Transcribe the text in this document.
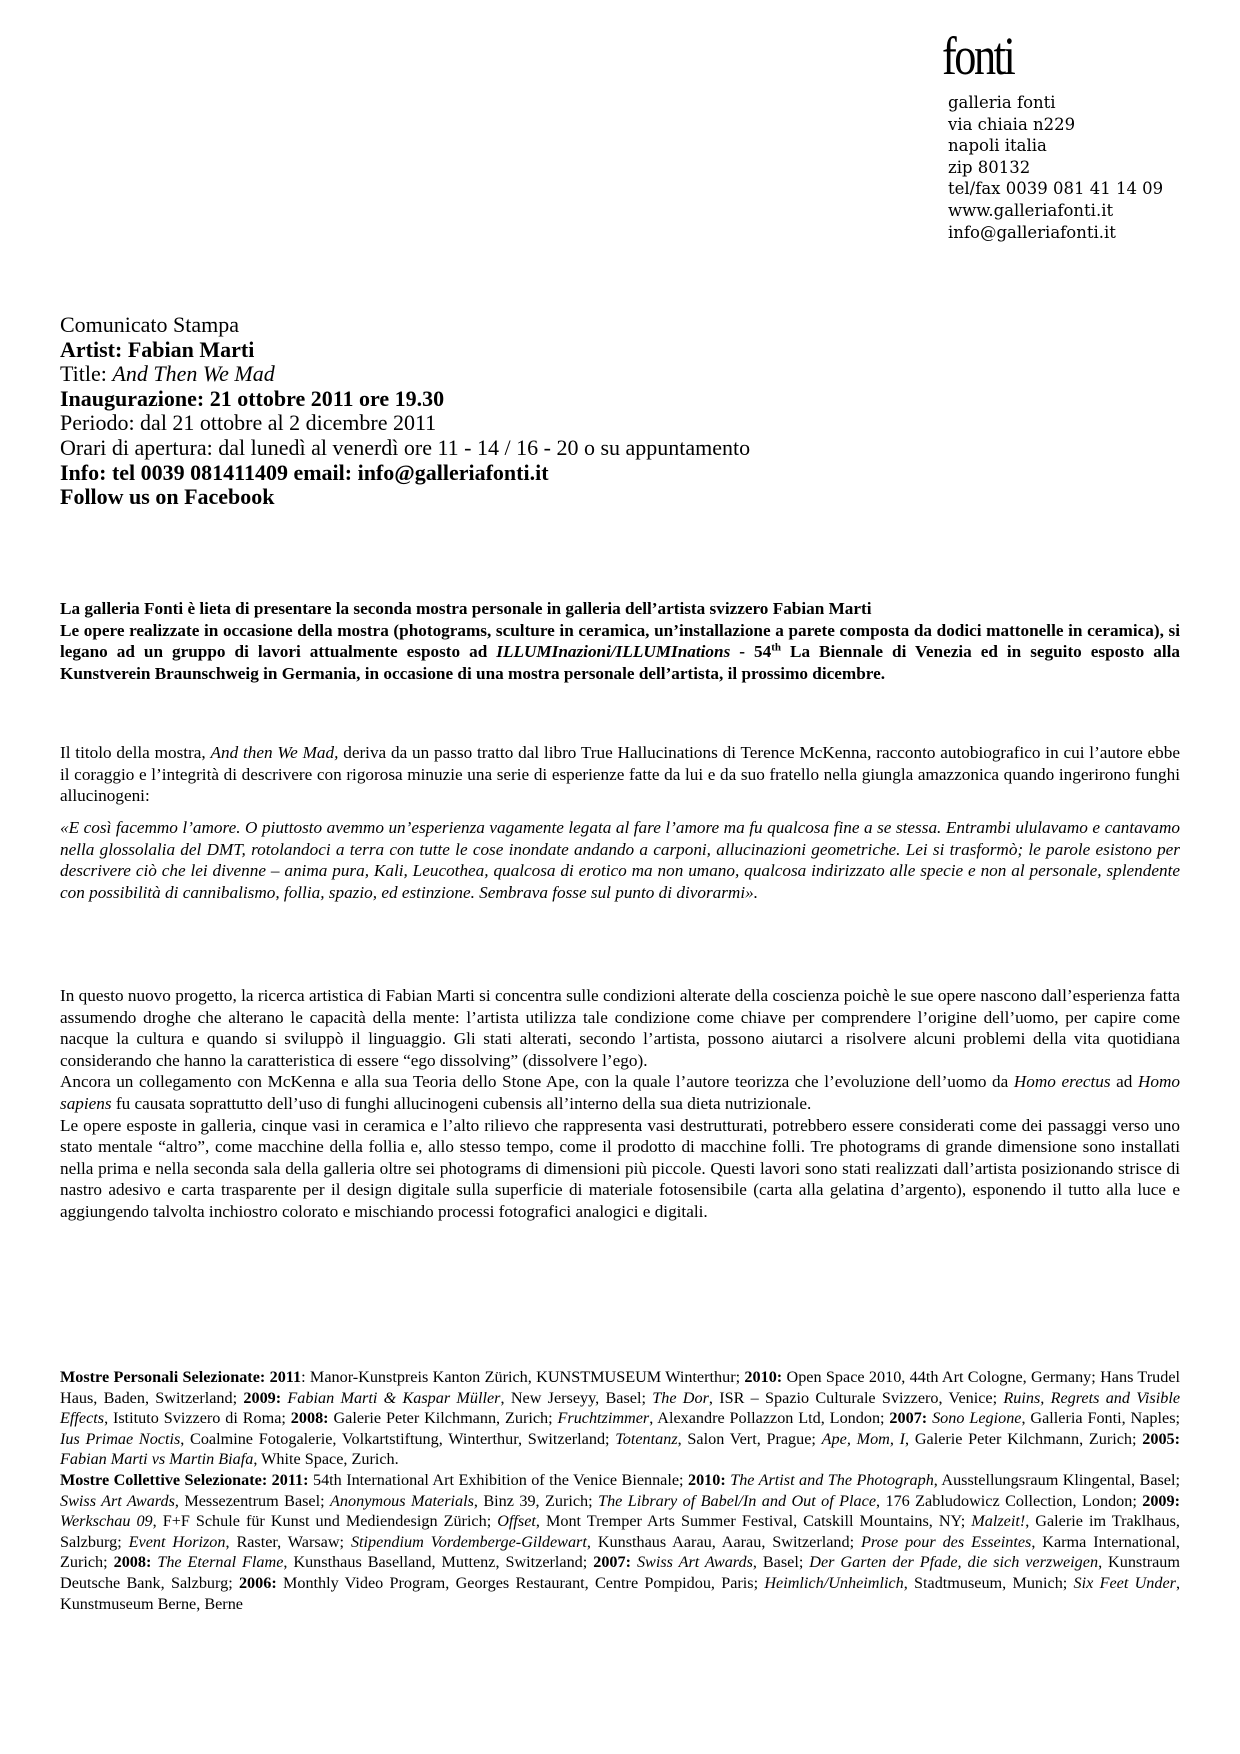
fonti
galleria fonti
via chiaia n229
napoli italia
zip 80132
tel/fax 0039 081 41 14 09
www.galleriafonti.it
info@galleriafonti.it
Comunicato Stampa
Artist: Fabian Marti
Title: And Then We Mad
Inaugurazione: 21 ottobre 2011 ore 19.30
Periodo: dal 21 ottobre al 2 dicembre 2011
Orari di apertura: dal lunedì al venerdì ore 11 - 14 / 16 - 20 o su appuntamento
Info: tel 0039 081411409 email: info@galleriafonti.it
Follow us on Facebook
La galleria Fonti è lieta di presentare la seconda mostra personale in galleria dell’artista svizzero Fabian Marti
Le opere realizzate in occasione della mostra (photograms, sculture in ceramica, un’installazione a parete composta da dodici mattonelle in ceramica), si legano ad un gruppo di lavori attualmente esposto ad ILLUMInazioni/ILLUMInations - 54th La Biennale di Venezia ed in seguito esposto alla Kunstverein Braunschweig in Germania, in occasione di una mostra personale dell’artista, il prossimo dicembre.
Il titolo della mostra, And then We Mad, deriva da un passo tratto dal libro True Hallucinations di Terence McKenna, racconto autobiografico in cui l’autore ebbe il coraggio e l’integrità di descrivere con rigorosa minuzie una serie di esperienze fatte da lui e da suo fratello nella giungla amazzonica quando ingerirono funghi allucinogeni:
«E così facemmo l’amore. O piuttosto avemmo un’esperienza vagamente legata al fare l’amore ma fu qualcosa fine a se stessa. Entrambi ululavamo e cantavamo nella glossolalia del DMT, rotolandoci a terra con tutte le cose inondate andando a carponi, allucinazioni geometriche. Lei si trasformò; le parole esistono per descrivere ciò che lei divenne – anima pura, Kali, Leucothea, qualcosa di erotico ma non umano, qualcosa indirizzato alle specie e non al personale, splendente con possibilità di cannibalismo, follia, spazio, ed estinzione. Sembrava fosse sul punto di divorarmi».
In questo nuovo progetto, la ricerca artistica di Fabian Marti si concentra sulle condizioni alterate della coscienza poichè le sue opere nascono dall’esperienza fatta assumendo droghe che alterano le capacità della mente: l’artista utilizza tale condizione come chiave per comprendere l’origine dell’uomo, per capire come nacque la cultura e quando si sviluppò il linguaggio. Gli stati alterati, secondo l’artista, possono aiutarci a risolvere alcuni problemi della vita quotidiana considerando che hanno la caratteristica di essere “ego dissolving” (dissolvere l’ego).
Ancora un collegamento con McKenna e alla sua Teoria dello Stone Ape, con la quale l’autore teorizza che l’evoluzione dell’uomo da Homo erectus ad Homo sapiens fu causata soprattutto dell’uso di funghi allucinogeni cubensis all’interno della sua dieta nutrizionale.
Le opere esposte in galleria, cinque vasi in ceramica e l’alto rilievo che rappresenta vasi destrutturati, potrebbero essere considerati come dei passaggi verso uno stato mentale “altro”, come macchine della follia e, allo stesso tempo, come il prodotto di macchine folli. Tre photograms di grande dimensione sono installati nella prima e nella seconda sala della galleria oltre sei photograms di dimensioni più piccole. Questi lavori sono stati realizzati dall’artista posizionando strisce di nastro adesivo e carta trasparente per il design digitale sulla superficie di materiale fotosensibile (carta alla gelatina d’argento), esponendo il tutto alla luce e aggiungendo talvolta inchiostro colorato e mischiando processi fotografici analogici e digitali.
Mostre Personali Selezionate: 2011: Manor-Kunstpreis Kanton Zürich, KUNSTMUSEUM Winterthur; 2010: Open Space 2010, 44th Art Cologne, Germany; Hans Trudel Haus, Baden, Switzerland; 2009: Fabian Marti & Kaspar Müller, New Jerseyy, Basel; The Dor, ISR – Spazio Culturale Svizzero, Venice; Ruins, Regrets and Visible Effects, Istituto Svizzero di Roma; 2008: Galerie Peter Kilchmann, Zurich; Fruchtzimmer, Alexandre Pollazzon Ltd, London; 2007: Sono Legione, Galleria Fonti, Naples; Ius Primae Noctis, Coalmine Fotogalerie, Volkartstiftung, Winterthur, Switzerland; Totentanz, Salon Vert, Prague; Ape, Mom, I, Galerie Peter Kilchmann, Zurich; 2005: Fabian Marti vs Martin Biafa, White Space, Zurich.
Mostre Collettive Selezionate: 2011: 54th International Art Exhibition of the Venice Biennale; 2010: The Artist and The Photograph, Ausstellungsraum Klingental, Basel; Swiss Art Awards, Messezentrum Basel; Anonymous Materials, Binz 39, Zurich; The Library of Babel/In and Out of Place, 176 Zabludowicz Collection, London; 2009: Werkschau 09, F+F Schule für Kunst und Mediendesign Zürich; Offset, Mont Tremper Arts Summer Festival, Catskill Mountains, NY; Malzeit!, Galerie im Traklhaus, Salzburg; Event Horizon, Raster, Warsaw; Stipendium Vordemberge-Gildewart, Kunsthaus Aarau, Aarau, Switzerland; Prose pour des Esseintes, Karma International, Zurich; 2008: The Eternal Flame, Kunsthaus Baselland, Muttenz, Switzerland; 2007: Swiss Art Awards, Basel; Der Garten der Pfade, die sich verzweigen, Kunstraum Deutsche Bank, Salzburg; 2006: Monthly Video Program, Georges Restaurant, Centre Pompidou, Paris; Heimlich/Unheimlich, Stadtmuseum, Munich; Six Feet Under, Kunstmuseum Berne, Berne
